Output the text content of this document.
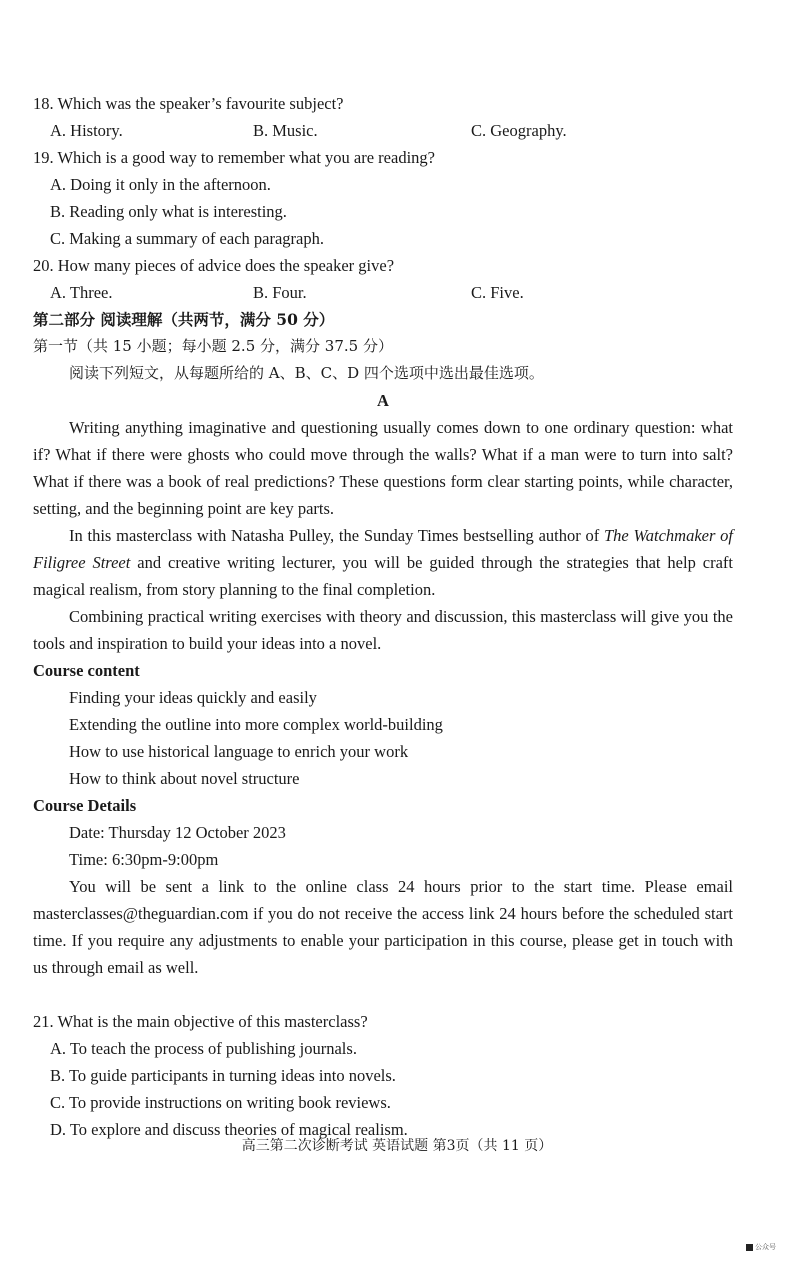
18. Which was the speaker’s favourite subject?
A. History.	B. Music.	C. Geography.
19. Which is a good way to remember what you are reading?
A. Doing it only in the afternoon.
B. Reading only what is interesting.
C. Making a summary of each paragraph.
20. How many pieces of advice does the speaker give?
A. Three.	B. Four.	C. Five.
第二部分 阅读理解（共两节，满分 50 分）
第一节（共 15 小题；每小题 2.5 分，满分 37.5 分）
阅读下列短文，从每题所给的 A、B、C、D 四个选项中选出最佳选项。
A

Writing anything imaginative and questioning usually comes down to one ordinary question: what if? What if there were ghosts who could move through the walls? What if a man were to turn into salt? What if there was a book of real predictions? These questions form clear starting points, while character, setting, and the beginning point are key parts.

In this masterclass with Natasha Pulley, the Sunday Times bestselling author of The Watchmaker of Filigree Street and creative writing lecturer, you will be guided through the strategies that help craft magical realism, from story planning to the final completion.

Combining practical writing exercises with theory and discussion, this masterclass will give you the tools and inspiration to build your ideas into a novel.

Course content
Finding your ideas quickly and easily
Extending the outline into more complex world-building
How to use historical language to enrich your work
How to think about novel structure
Course Details
Date: Thursday 12 October 2023
Time: 6:30pm-9:00pm

You will be sent a link to the online class 24 hours prior to the start time. Please email masterclasses@theguardian.com if you do not receive the access link 24 hours before the scheduled start time. If you require any adjustments to enable your participation in this course, please get in touch with us through email as well.

21. What is the main objective of this masterclass?
A. To teach the process of publishing journals.
B. To guide participants in turning ideas into novels.
C. To provide instructions on writing book reviews.
D. To explore and discuss theories of magical realism.
高三第二次诊断考试 英语试题 第3页（共 11 页）
公众号
